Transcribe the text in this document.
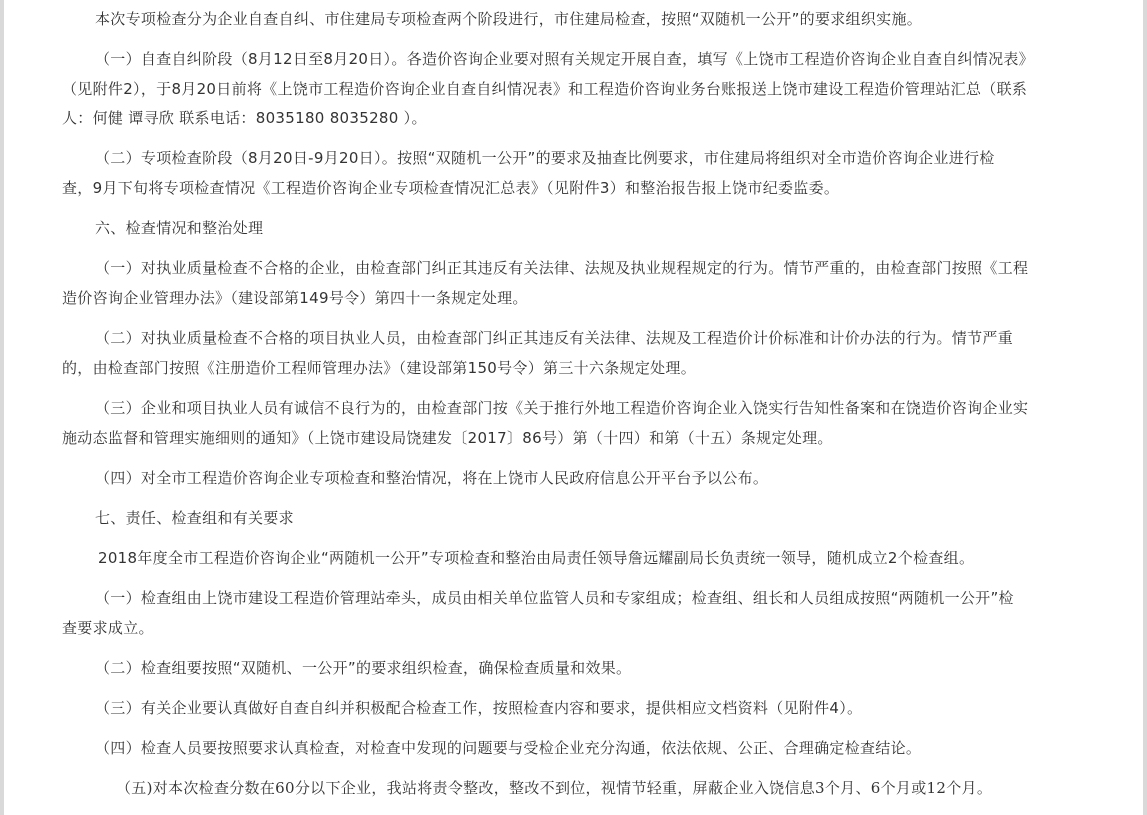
本次专项检查分为企业自查自纠、市住建局专项检查两个阶段进行，市住建局检查，按照“双随机一公开”的要求组织实施。
（一）自查自纠阶段（8月12日至8月20日）。各造价咨询企业要对照有关规定开展自查，填写《上饶市工程造价咨询企业自查自纠情况表》
（见附件2），于8月20日前将《上饶市工程造价咨询企业自查自纠情况表》和工程造价咨询业务台账报送上饶市建设工程造价管理站汇总（联系
人：何健 谭寻欣 联系电话：8035180 8035280 ）。
（二）专项检查阶段（8月20日-9月20日）。按照“双随机一公开”的要求及抽查比例要求，市住建局将组织对全市造价咨询企业进行检
查，9月下旬将专项检查情况《工程造价咨询企业专项检查情况汇总表》（见附件3）和整治报告报上饶市纪委监委。
六、检查情况和整治处理
（一）对执业质量检查不合格的企业，由检查部门纠正其违反有关法律、法规及执业规程规定的行为。情节严重的，由检查部门按照《工程
造价咨询企业管理办法》（建设部第149号令）第四十一条规定处理。
（二）对执业质量检查不合格的项目执业人员，由检查部门纠正其违反有关法律、法规及工程造价计价标准和计价办法的行为。情节严重
的，由检查部门按照《注册造价工程师管理办法》（建设部第150号令）第三十六条规定处理。
（三）企业和项目执业人员有诚信不良行为的，由检查部门按《关于推行外地工程造价咨询企业入饶实行告知性备案和在饶造价咨询企业实
施动态监督和管理实施细则的通知》（上饶市建设局饶建发〔2017〕86号）第（十四）和第（十五）条规定处理。
（四）对全市工程造价咨询企业专项检查和整治情况，将在上饶市人民政府信息公开平台予以公布。
七、责任、检查组和有关要求
2018年度全市工程造价咨询企业“两随机一公开”专项检查和整治由局责任领导詹远耀副局长负责统一领导，随机成立2个检查组。
（一）检查组由上饶市建设工程造价管理站牵头，成员由相关单位监管人员和专家组成；检查组、组长和人员组成按照“两随机一公开”检
查要求成立。
（二）检查组要按照“双随机、一公开”的要求组织检查，确保检查质量和效果。
（三）有关企业要认真做好自查自纠并积极配合检查工作，按照检查内容和要求，提供相应文档资料（见附件4）。
（四）检查人员要按照要求认真检查，对检查中发现的问题要与受检企业充分沟通，依法依规、公正、合理确定检查结论。
（五)对本次检查分数在60分以下企业，我站将责令整改，整改不到位，视情节轻重，屏蔽企业入饶信息3个月、6个月或12个月。
